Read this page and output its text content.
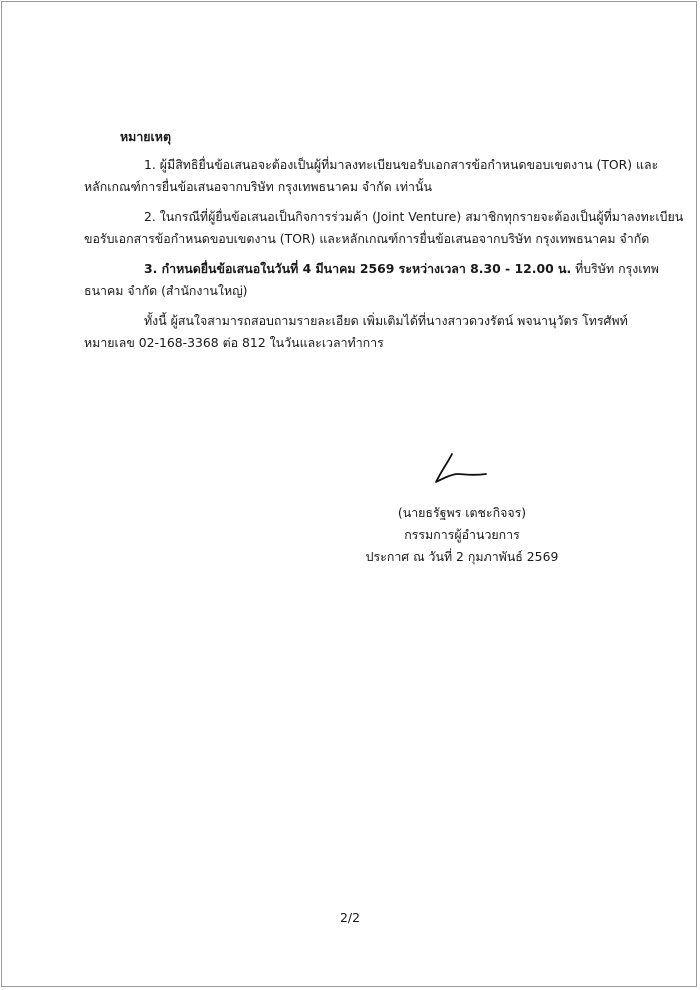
หมายเหตุ

1. ผู้มีสิทธิยื่นข้อเสนอจะต้องเป็นผู้ที่มาลงทะเบียนขอรับเอกสารข้อกำหนดขอบเขตงาน (TOR) และ
หลักเกณฑ์การยื่นข้อเสนอจากบริษัท กรุงเทพธนาคม จำกัด เท่านั้น

2. ในกรณีที่ผู้ยื่นข้อเสนอเป็นกิจการร่วมค้า (Joint Venture) สมาชิกทุกรายจะต้องเป็นผู้ที่มาลงทะเบียน
ขอรับเอกสารข้อกำหนดขอบเขตงาน (TOR) และหลักเกณฑ์การยื่นข้อเสนอจากบริษัท กรุงเทพธนาคม จำกัด

3. กำหนดยื่นข้อเสนอในวันที่ 4 มีนาคม 2569 ระหว่างเวลา 8.30 - 12.00 น. ที่บริษัท กรุงเทพ
ธนาคม จำกัด (สำนักงานใหญ่)

ทั้งนี้ ผู้สนใจสามารถสอบถามรายละเอียด เพิ่มเติมได้ที่นางสาวดวงรัตน์ พจนานุวัตร โทรศัพท์
หมายเลข 02-168-3368 ต่อ 812 ในวันและเวลาทำการ

(นายธรัฐพร เตชะกิจจร)
กรรมการผู้อำนวยการ
ประกาศ ณ วันที่ 2 กุมภาพันธ์ 2569
2/2
